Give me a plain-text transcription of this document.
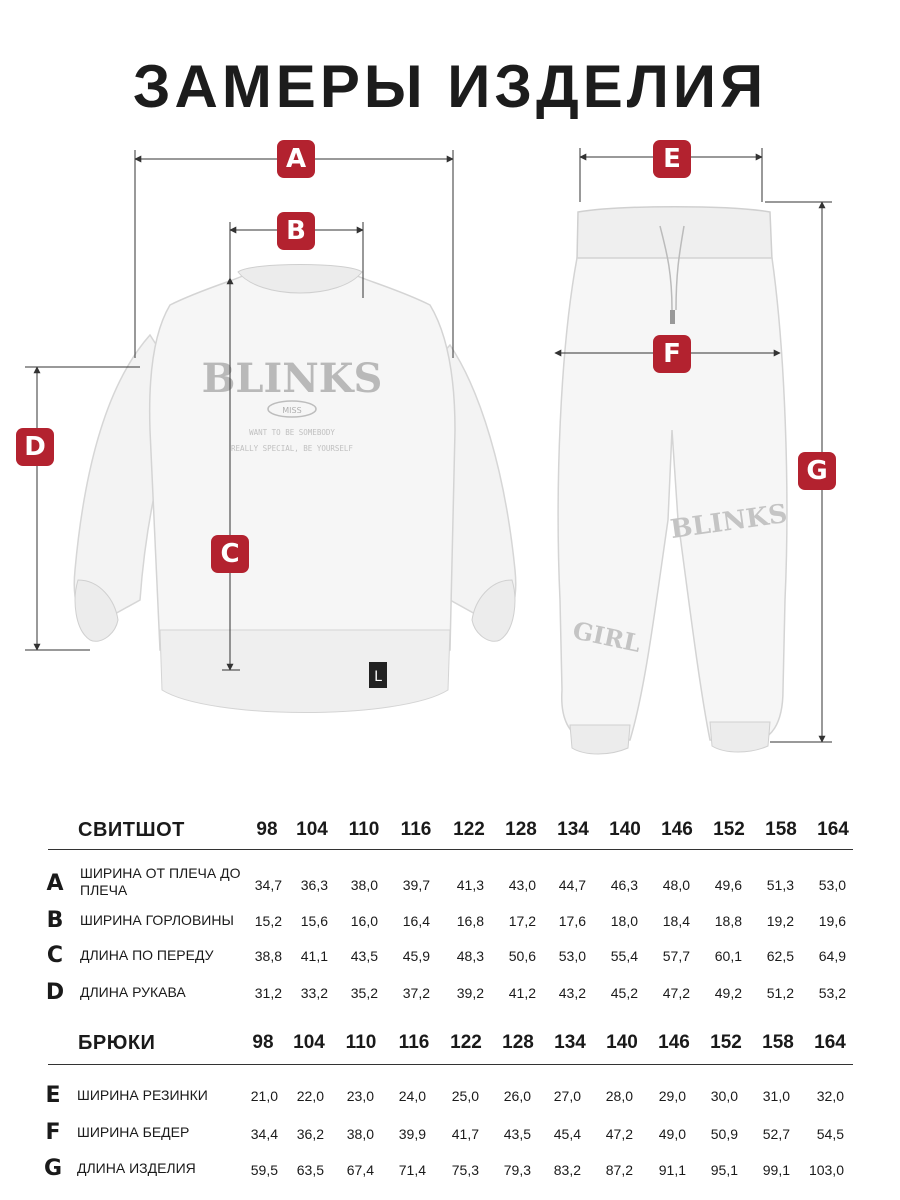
ЗАМЕРЫ ИЗДЕЛИЯ
BLINKS
MISS
WANT TO BE SOMEBODY
REALLY SPECIAL, BE YOURSELF
L
BLINKS
GIRL
A
B
C
D
E
F
G
СВИТШОТ	98 104	110	116	122	128	134	140	146	152	158	164
A	ШИРИНА ОТ ПЛЕЧА ДО ПЛЕЧА	34,7	36,3	38,0	39,7	41,3	43,0	44,7	46,3	48,0	49,6	51,3	53,0
B	ШИРИНА ГОРЛОВИНЫ	15,2	15,6	16,0	16,4	16,8	17,2	17,6	18,0	18,4	18,8	19,2	19,6
C	ДЛИНА ПО ПЕРЕДУ	38,8	41,1	43,5	45,9	48,3	50,6	53,0	55,4	57,7	60,1	62,5	64,9
D	ДЛИНА РУКАВА	31,2	33,2	35,2	37,2	39,2	41,2	43,2	45,2	47,2	49,2	51,2	53,2
БРЮКИ	98	104	110	116	122	128	134	140	146	152	158	164
E	ШИРИНА РЕЗИНКИ	21,0	22,0	23,0	24,0	25,0	26,0	27,0	28,0	29,0	30,0	31,0	32,0
F	ШИРИНА БЕДЕР	34,4	36,2	38,0	39,9	41,7	43,5	45,4	47,2	49,0	50,9	52,7	54,5
G	ДЛИНА ИЗДЕЛИЯ	59,5	63,5	67,4	71,4	75,3	79,3	83,2	87,2	91,1	95,1	99,1	103,0
